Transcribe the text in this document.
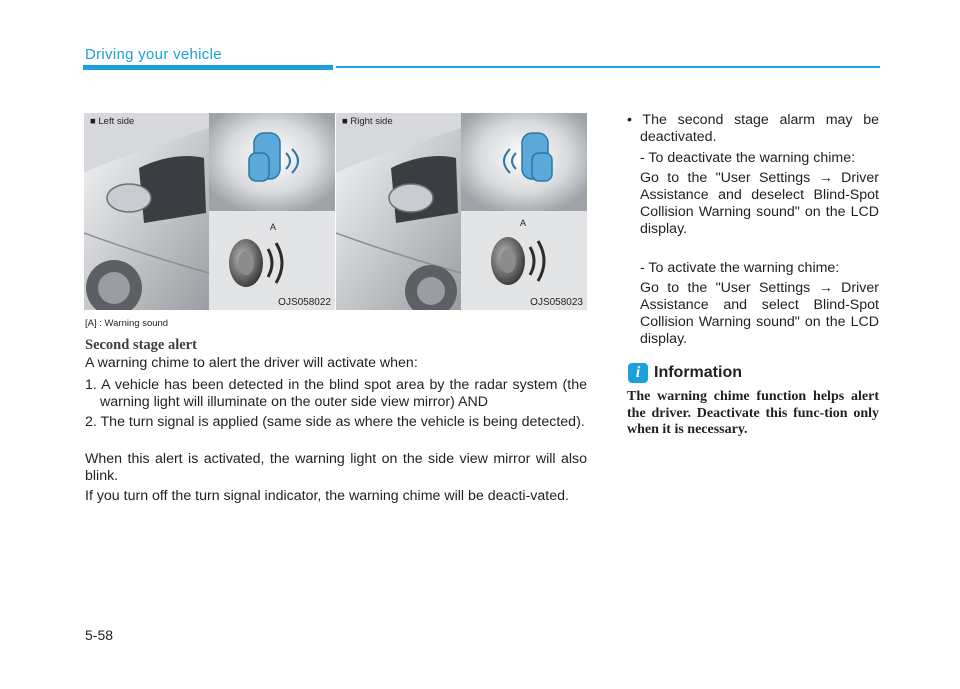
Driving your vehicle
■ Left side
A
OJS058022
■ Right side
A
OJS058023
[A] : Warning sound
Second stage alert
A warning chime to alert the driver will activate when:
1. A vehicle has been detected in the blind spot area by the radar system (the warning light will illuminate on the outer side view mirror) AND
2. The turn signal is applied (same side as where the vehicle is being detected).
When this alert is activated, the warning light on the side view mirror will also blink.
If you turn off the turn signal indicator, the warning chime will be deacti-vated.
• The second stage alarm may be deactivated.
- To deactivate the warning chime:
Go to the "User Settings → Driver Assistance and deselect Blind-Spot Collision Warning sound" on the LCD display.
- To activate the warning chime:
Go to the "User Settings → Driver Assistance and select Blind-Spot Collision Warning sound" on the LCD display.
i Information
The warning chime function helps alert the driver. Deactivate this func-tion only when it is necessary.
5-58
